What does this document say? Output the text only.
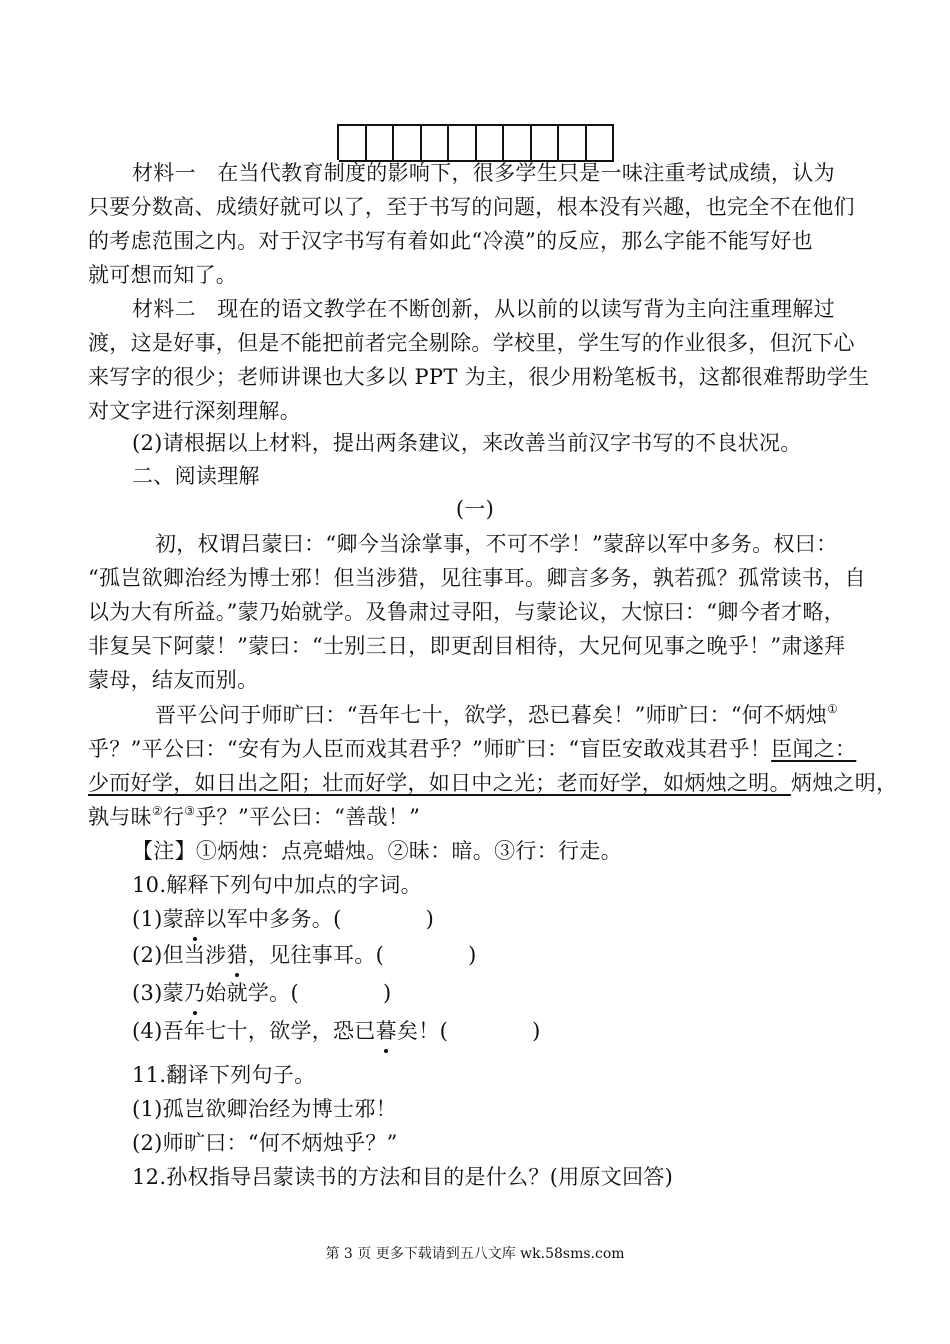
材料一　在当代教育制度的影响下，很多学生只是一味注重考试成绩，认为
只要分数高、成绩好就可以了，至于书写的问题，根本没有兴趣，也完全不在他们
的考虑范围之内。对于汉字书写有着如此“冷漠”的反应，那么字能不能写好也
就可想而知了。
材料二　现在的语文教学在不断创新，从以前的以读写背为主向注重理解过
渡，这是好事，但是不能把前者完全剔除。学校里，学生写的作业很多，但沉下心
来写字的很少；老师讲课也大多以 PPT 为主，很少用粉笔板书，这都很难帮助学生
对文字进行深刻理解。
(2)请根据以上材料，提出两条建议，来改善当前汉字书写的不良状况。
二、阅读理解
(一)
初，权谓吕蒙曰：“卿今当涂掌事，不可不学！”蒙辞以军中多务。权曰：
“孤岂欲卿治经为博士邪！但当涉猎，见往事耳。卿言多务，孰若孤？孤常读书，自
以为大有所益。”蒙乃始就学。及鲁肃过寻阳，与蒙论议，大惊曰：“卿今者才略，
非复吴下阿蒙！”蒙曰：“士别三日，即更刮目相待，大兄何见事之晚乎！”肃遂拜
蒙母，结友而别。
晋平公问于师旷曰：“吾年七十，欲学，恐已暮矣！”师旷曰：“何不炳烛①
乎？”平公曰：“安有为人臣而戏其君乎？”师旷曰：“盲臣安敢戏其君乎！臣闻之：
少而好学，如日出之阳；壮而好学，如日中之光；老而好学，如炳烛之明。炳烛之明，
孰与昧②行③乎？”平公曰：“善哉！”
【注】①炳烛：点亮蜡烛。②昧：暗。③行：行走。
10.解释下列句中加点的字词。
(1)蒙辞以军中多务。(	)
(2)但当涉猎，见往事耳。(	)
(3)蒙乃始就学。(	)
(4)吾年七十，欲学，恐已暮矣！(	)
11.翻译下列句子。
(1)孤岂欲卿治经为博士邪！
(2)师旷曰：“何不炳烛乎？”
12.孙权指导吕蒙读书的方法和目的是什么？(用原文回答)
第 3 页 更多下载请到五八文库 wk.58sms.com
